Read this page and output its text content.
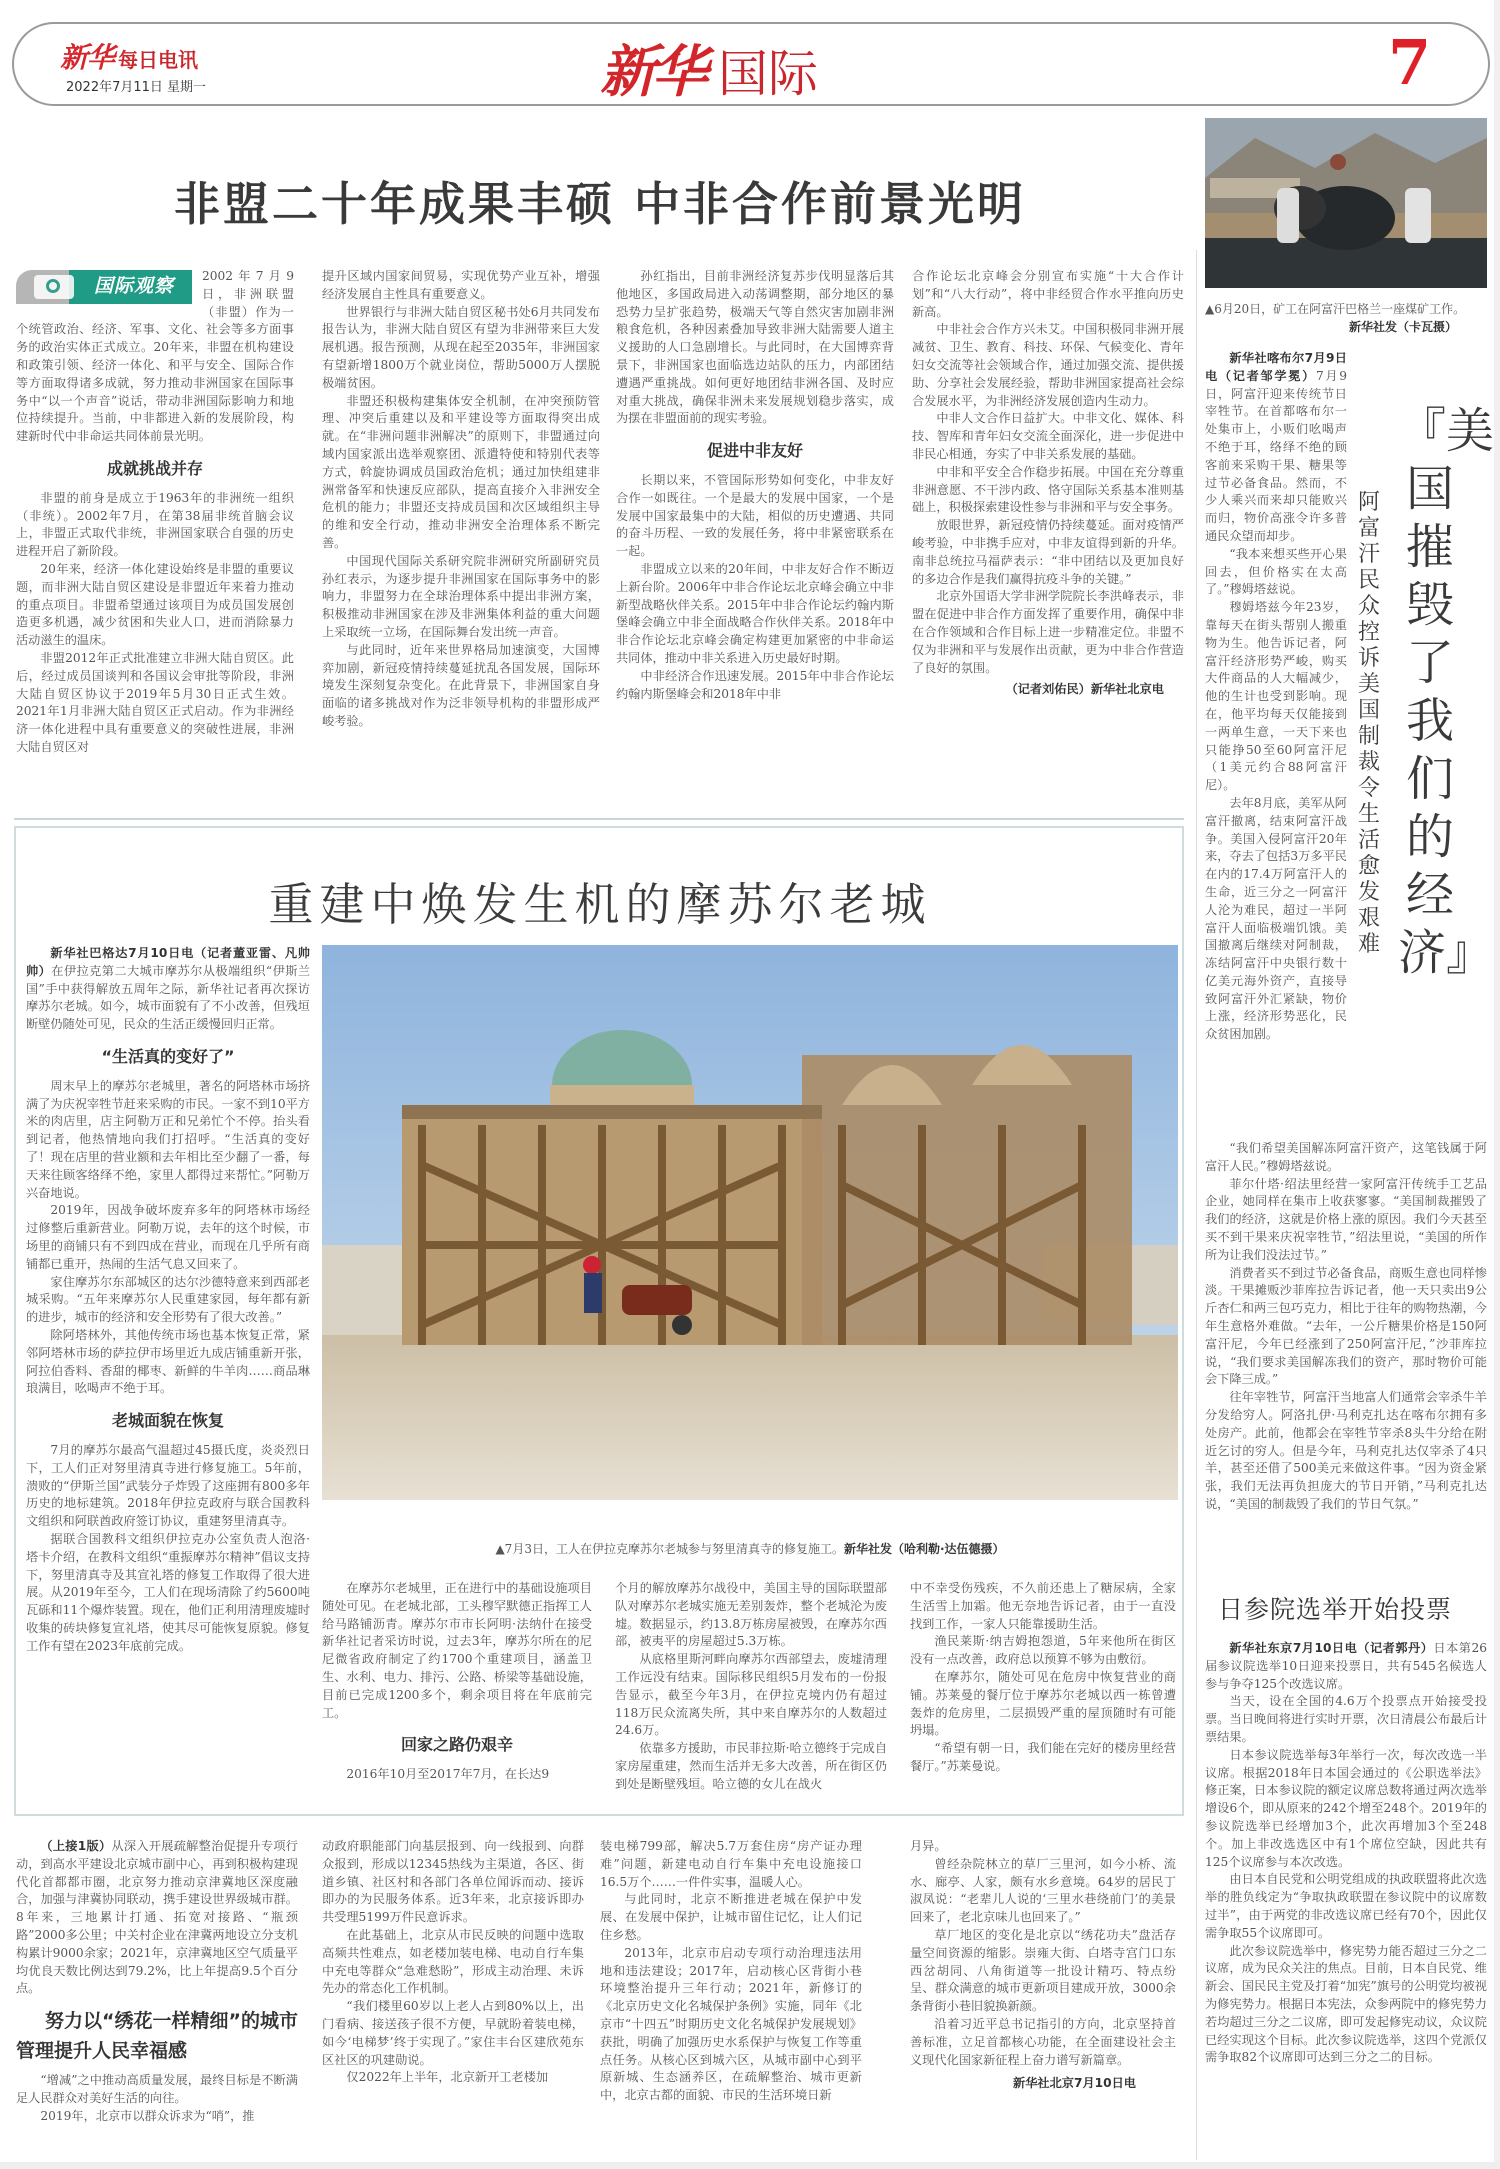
新华 每日电讯
2022年7月11日 星期一	新华 国际	7
非盟二十年成果丰硕 中非合作前景光明
国际观察	2002年7月9日，非洲联盟（非盟）作为一个统管政治、经济、军事、文化、社会等多方面事务的政治实体正式成立。20年来，非盟在机构建设和政策引领、经济一体化、和平与安全、国际合作等方面取得诸多成就，努力推动非洲国家在国际事务中“以一个声音”说话，带动非洲国际影响力和地位持续提升。当前，中非都进入新的发展阶段，构建新时代中非命运共同体前景光明。

成就挑战并存

非盟的前身是成立于1963年的非洲统一组织（非统）。2002年7月，在第38届非统首脑会议上，非盟正式取代非统，非洲国家联合自强的历史进程开启了新阶段。

20年来，经济一体化建设始终是非盟的重要议题，而非洲大陆自贸区建设是非盟近年来着力推动的重点项目。非盟希望通过该项目为成员国发展创造更多机遇，减少贫困和失业人口，进而消除暴力活动滋生的温床。

非盟2012年正式批准建立非洲大陆自贸区。此后，经过成员国谈判和各国议会审批等阶段，非洲大陆自贸区协议于2019年5月30日正式生效。2021年1月非洲大陆自贸区正式启动。作为非洲经济一体化进程中具有重要意义的突破性进展，非洲大陆自贸区对

提升区域内国家间贸易，实现优势产业互补，增强经济发展自主性具有重要意义。

世界银行与非洲大陆自贸区秘书处6月共同发布报告认为，非洲大陆自贸区有望为非洲带来巨大发展机遇。报告预测，从现在起至2035年，非洲国家有望新增1800万个就业岗位，帮助5000万人摆脱极端贫困。

非盟还积极构建集体安全机制，在冲突预防管理、冲突后重建以及和平建设等方面取得突出成就。在“非洲问题非洲解决”的原则下，非盟通过向域内国家派出选举观察团、派遣特使和特别代表等方式，斡旋协调成员国政治危机；通过加快组建非洲常备军和快速反应部队，提高直接介入非洲安全危机的能力；非盟还支持成员国和次区域组织主导的维和安全行动，推动非洲安全治理体系不断完善。

中国现代国际关系研究院非洲研究所副研究员孙红表示，为逐步提升非洲国家在国际事务中的影响力，非盟努力在全球治理体系中提出非洲方案，积极推动非洲国家在涉及非洲集体利益的重大问题上采取统一立场，在国际舞台发出统一声音。

与此同时，近年来世界格局加速演变，大国博弈加剧，新冠疫情持续蔓延扰乱各国发展，国际环境发生深刻复杂变化。在此背景下，非洲国家自身面临的诸多挑战对作为泛非领导机构的非盟形成严峻考验。

孙红指出，目前非洲经济复苏步伐明显落后其他地区，多国政局进入动荡调整期，部分地区的暴恐势力呈扩张趋势，极端天气等自然灾害加剧非洲粮食危机，各种因素叠加导致非洲大陆需要人道主义援助的人口急剧增长。与此同时，在大国博弈背景下，非洲国家也面临选边站队的压力，内部团结遭遇严重挑战。如何更好地团结非洲各国、及时应对重大挑战，确保非洲未来发展规划稳步落实，成为摆在非盟面前的现实考验。

促进中非友好

长期以来，不管国际形势如何变化，中非友好合作一如既往。一个是最大的发展中国家，一个是发展中国家最集中的大陆，相似的历史遭遇、共同的奋斗历程、一致的发展任务，将中非紧密联系在一起。

非盟成立以来的20年间，中非友好合作不断迈上新台阶。2006年中非合作论坛北京峰会确立中非新型战略伙伴关系。2015年中非合作论坛约翰内斯堡峰会确立中非全面战略合作伙伴关系。2018年中非合作论坛北京峰会确定构建更加紧密的中非命运共同体，推动中非关系进入历史最好时期。

中非经济合作迅速发展。2015年中非合作论坛约翰内斯堡峰会和2018年中非

合作论坛北京峰会分别宣布实施“十大合作计划”和“八大行动”，将中非经贸合作水平推向历史新高。

中非社会合作方兴未艾。中国积极同非洲开展减贫、卫生、教育、科技、环保、气候变化、青年妇女交流等社会领域合作，通过加强交流、提供援助、分享社会发展经验，帮助非洲国家提高社会综合发展水平，为非洲经济发展创造内生动力。

中非人文合作日益扩大。中非文化、媒体、科技、智库和青年妇女交流全面深化，进一步促进中非民心相通，夯实了中非关系发展的基础。

中非和平安全合作稳步拓展。中国在充分尊重非洲意愿、不干涉内政、恪守国际关系基本准则基础上，积极探索建设性参与非洲和平与安全事务。

放眼世界，新冠疫情仍持续蔓延。面对疫情严峻考验，中非携手应对，中非友谊得到新的升华。南非总统拉马福萨表示：“非中团结以及更加良好的多边合作是我们赢得抗疫斗争的关键。”

北京外国语大学非洲学院院长李洪峰表示，非盟在促进中非合作方面发挥了重要作用，确保中非在合作领域和合作目标上进一步精准定位。非盟不仅为非洲和平与发展作出贡献，更为中非合作营造了良好的氛围。

（记者刘佑民）新华社北京电
重建中焕发生机的摩苏尔老城

新华社巴格达7月10日电（记者董亚雷、凡帅帅）在伊拉克第二大城市摩苏尔从极端组织“伊斯兰国”手中获得解放五周年之际，新华社记者再次探访摩苏尔老城。如今，城市面貌有了不小改善，但残垣断壁仍随处可见，民众的生活正缓慢回归正常。

“生活真的变好了”

周末早上的摩苏尔老城里，著名的阿塔林市场挤满了为庆祝宰牲节赶来采购的市民。一家不到10平方米的肉店里，店主阿勒万正和兄弟忙个不停。抬头看到记者，他热情地向我们打招呼。“生活真的变好了！现在店里的营业额和去年相比至少翻了一番，每天来往顾客络绎不绝，家里人都得过来帮忙。”阿勒万兴奋地说。

2019年，因战争破坏废弃多年的阿塔林市场经过修整后重新营业。阿勒万说，去年的这个时候，市场里的商铺只有不到四成在营业，而现在几乎所有商铺都已重开，热闹的生活气息又回来了。

家住摩苏尔东部城区的达尔沙德特意来到西部老城采购。“五年来摩苏尔人民重建家园，每年都有新的进步，城市的经济和安全形势有了很大改善。”

除阿塔林外，其他传统市场也基本恢复正常，紧邻阿塔林市场的萨拉伊市场里近九成店铺重新开张，阿拉伯香料、香甜的椰枣、新鲜的牛羊肉……商品琳琅满目，吆喝声不绝于耳。

老城面貌在恢复

7月的摩苏尔最高气温超过45摄氏度，炎炎烈日下，工人们正对努里清真寺进行修复施工。5年前，溃败的“伊斯兰国”武装分子炸毁了这座拥有800多年历史的地标建筑。2018年伊拉克政府与联合国教科文组织和阿联酋政府签订协议，重建努里清真寺。

据联合国教科文组织伊拉克办公室负责人泡洛·塔卡介绍，在教科文组织“重振摩苏尔精神”倡议支持下，努里清真寺及其宣礼塔的修复工作取得了很大进展。从2019年至今，工人们在现场清除了约5600吨瓦砾和11个爆炸装置。现在，他们正利用清理废墟时收集的砖块修复宣礼塔，使其尽可能恢复原貌。修复工作有望在2023年底前完成。

▲7月3日，工人在伊拉克摩苏尔老城参与努里清真寺的修复施工。新华社发（哈利勒·达伍德摄）

在摩苏尔老城里，正在进行中的基础设施项目随处可见。在老城北部，工头穆罕默德正指挥工人给马路铺沥青。摩苏尔市市长阿明·法纳什在接受新华社记者采访时说，过去3年，摩苏尔所在的尼尼微省政府制定了约1700个重建项目，涵盖卫生、水利、电力、排污、公路、桥梁等基础设施，目前已完成1200多个，剩余项目将在年底前完工。

回家之路仍艰辛

2016年10月至2017年7月，在长达9

个月的解放摩苏尔战役中，美国主导的国际联盟部队对摩苏尔老城实施无差别轰炸，整个老城沦为废墟。数据显示，约13.8万栋房屋被毁，在摩苏尔西部，被夷平的房屋超过5.3万栋。

从底格里斯河畔向摩苏尔西部望去，废墟清理工作远没有结束。国际移民组织5月发布的一份报告显示，截至今年3月，在伊拉克境内仍有超过118万民众流离失所，其中来自摩苏尔的人数超过24.6万。

依靠多方援助，市民菲拉斯·哈立德终于完成自家房屋重建，然而生活并无多大改善，所在街区仍到处是断壁残垣。哈立德的女儿在战火

中不幸受伤残疾，不久前还患上了糖尿病，全家生活雪上加霜。他无奈地告诉记者，由于一直没找到工作，一家人只能靠援助生活。

渔民莱斯·纳吉姆抱怨道，5年来他所在街区没有一点改善，政府总以预算不够为由敷衍。

在摩苏尔，随处可见在危房中恢复营业的商铺。苏莱曼的餐厅位于摩苏尔老城以西一栋曾遭轰炸的危房里，二层损毁严重的屋顶随时有可能坍塌。

“希望有朝一日，我们能在完好的楼房里经营餐厅。”苏莱曼说。

▲6月20日，矿工在阿富汗巴格兰一座煤矿工作。

新华社发（卡瓦摄）
『美国摧毁了我们的经济』
阿富汗民众控诉美国制裁令生活愈发艰难

新华社喀布尔7月9日电（记者邹学冕）7月9日，阿富汗迎来传统节日宰牲节。在首都喀布尔一处集市上，小贩们吆喝声不绝于耳，络绎不绝的顾客前来采购干果、糖果等过节必备食品。然而，不少人乘兴而来却只能败兴而归，物价高涨令许多普通民众望而却步。

“我本来想买些开心果回去，但价格实在太高了。”穆姆塔兹说。

穆姆塔兹今年23岁，靠每天在街头帮别人搬重物为生。他告诉记者，阿富汗经济形势严峻，购买大件商品的人大幅减少，他的生计也受到影响。现在，他平均每天仅能接到一两单生意，一天下来也只能挣50至60阿富汗尼（1美元约合88阿富汗尼）。

去年8月底，美军从阿富汗撤离，结束阿富汗战争。美国入侵阿富汗20年来，夺去了包括3万多平民在内的17.4万阿富汗人的生命，近三分之一阿富汗人沦为难民，超过一半阿富汗人面临极端饥饿。美国撤离后继续对阿制裁，冻结阿富汗中央银行数十亿美元海外资产，直接导致阿富汗外汇紧缺，物价上涨，经济形势恶化，民众贫困加剧。

“我们希望美国解冻阿富汗资产，这笔钱属于阿富汗人民。”穆姆塔兹说。

菲尔什塔·绍法里经营一家阿富汗传统手工艺品企业，她同样在集市上收获寥寥。“美国制裁摧毁了我们的经济，这就是价格上涨的原因。我们今天甚至买不到干果来庆祝宰牲节，”绍法里说，“美国的所作所为让我们没法过节。”

消费者买不到过节必备食品，商贩生意也同样惨淡。干果摊贩沙菲库拉告诉记者，他一天只卖出9公斤杏仁和两三包巧克力，相比于往年的购物热潮，今年生意格外难做。“去年，一公斤糖果价格是150阿富汗尼，今年已经涨到了250阿富汗尼，”沙菲库拉说，“我们要求美国解冻我们的资产，那时物价可能会下降三成。”

往年宰牲节，阿富汗当地富人们通常会宰杀牛羊分发给穷人。阿洛扎伊·马利克扎达在喀布尔拥有多处房产。此前，他都会在宰牲节宰杀8头牛分给在附近乞讨的穷人。但是今年，马利克扎达仅宰杀了4只羊，甚至还借了500美元来做这件事。“因为资金紧张，我们无法再负担庞大的节日开销，”马利克扎达说，“美国的制裁毁了我们的节日气氛。”

日参院选举开始投票

新华社东京7月10日电（记者郭丹）日本第26届参议院选举10日迎来投票日，共有545名候选人参与争夺125个改选议席。

当天，设在全国的4.6万个投票点开始接受投票。当日晚间将进行实时开票，次日清晨公布最后计票结果。

日本参议院选举每3年举行一次，每次改选一半议席。根据2018年日本国会通过的《公职选举法》修正案，日本参议院的额定议席总数将通过两次选举增设6个，即从原来的242个增至248个。2019年的参议院选举已经增加3个，此次再增加3个至248个。加上非改选选区中有1个席位空缺，因此共有125个议席参与本次改选。

由日本自民党和公明党组成的执政联盟将此次选举的胜负线定为“争取执政联盟在参议院中的议席数过半”，由于两党的非改选议席已经有70个，因此仅需争取55个议席即可。

此次参议院选举中，修宪势力能否超过三分之二议席，成为民众关注的焦点。目前，日本自民党、维新会、国民民主党及打着“加宪”旗号的公明党均被视为修宪势力。根据日本宪法，众参两院中的修宪势力若均超过三分之二议席，即可发起修宪动议，众议院已经实现这个目标。此次参议院选举，这四个党派仅需争取82个议席即可达到三分之二的目标。

（上接1版）从深入开展疏解整治促提升专项行动，到高水平建设北京城市副中心，再到积极构建现代化首都都市圈，北京努力推动京津冀地区深度融合，加强与津冀协同联动，携手建设世界级城市群。8年来，三地累计打通、拓宽对接路、“瓶颈路”2000多公里；中关村企业在津冀两地设立分支机构累计9000余家；2021年，京津冀地区空气质量平均优良天数比例达到79.2%，比上年提高9.5个百分点。

努力以“绣花一样精细”的城市
管理提升人民幸福感

“增减”之中推动高质量发展，最终目标是不断满足人民群众对美好生活的向往。

2019年，北京市以群众诉求为“哨”，推

动政府职能部门向基层报到、向一线报到、向群众报到，形成以12345热线为主渠道，各区、街道乡镇、社区村和各部门各单位闻诉而动、接诉即办的为民服务体系。近3年来，北京接诉即办共受理5199万件民意诉求。

在此基础上，北京从市民反映的问题中选取高频共性难点，如老楼加装电梯、电动自行车集中充电等群众“急难愁盼”，形成主动治理、未诉先办的常态化工作机制。

“我们楼里60岁以上老人占到80%以上，出门看病、接送孩子很不方便，早就盼着装电梯，如今‘电梯梦’终于实现了。”家住丰台区建欣苑东区社区的巩建勋说。

仅2022年上半年，北京新开工老楼加

装电梯799部，解决5.7万套住房“房产证办理难”问题，新建电动自行车集中充电设施接口16.5万个……一件件实事，温暖人心。

与此同时，北京不断推进老城在保护中发展、在发展中保护，让城市留住记忆，让人们记住乡愁。

2013年，北京市启动专项行动治理违法用地和违法建设；2017年，启动核心区背街小巷环境整治提升三年行动；2021年，新修订的《北京历史文化名城保护条例》实施，同年《北京市“十四五”时期历史文化名城保护发展规划》获批，明确了加强历史水系保护与恢复工作等重点任务。从核心区到城六区，从城市副中心到平原新城、生态涵养区，在疏解整治、城市更新中，北京古都的面貌、市民的生活环境日新

月异。

曾经杂院林立的草厂三里河，如今小桥、流水、廊亭、人家，颇有水乡意境。64岁的居民丁淑凤说：“老辈儿人说的‘三里水巷绕前门’的美景回来了，老北京味儿也回来了。”

草厂地区的变化是北京以“绣花功夫”盘活存量空间资源的缩影。崇雍大街、白塔寺宫门口东西岔胡同、八角街道等一批设计精巧、特点纷呈、群众满意的城市更新项目建成开放，3000余条背街小巷旧貌换新颜。

沿着习近平总书记指引的方向，北京坚持首善标准，立足首都核心功能，在全面建设社会主义现代化国家新征程上奋力谱写新篇章。

新华社北京7月10日电
